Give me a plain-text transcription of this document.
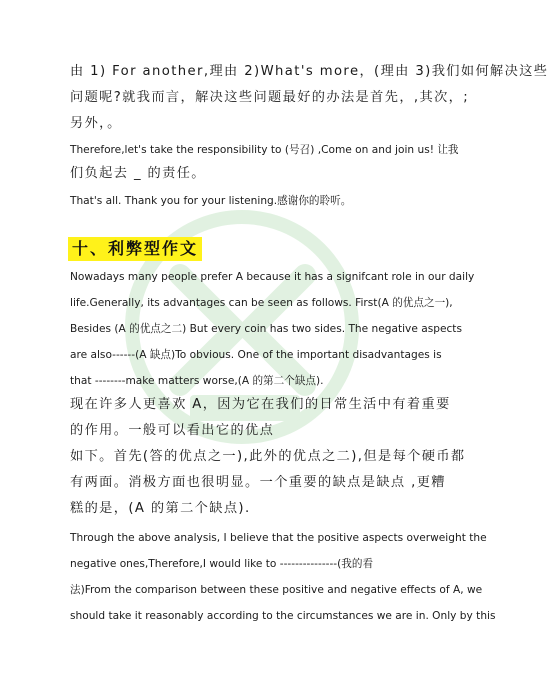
由 1) For another,理由 2)What's more，(理由 3)我们如何解决这些
问题呢?就我而言，解决这些问题最好的办法是首先，,其次，;
另外，。
Therefore,let's take the responsibility to (号召) ,Come on and join us! 让我
们负起去 _ 的责任。
That's all. Thank you for your listening.感谢你的聆听。
十、利弊型作文
Nowadays many people prefer A because it has a signifcant role in our daily
life.Generally, its advantages can be seen as follows. First(A 的优点之一),
Besides (A 的优点之二) But every coin has two sides. The negative aspects
are also------(A 缺点)To obvious. One of the important disadvantages is
that --------make matters worse,(A 的第二个缺点).
现在许多人更喜欢 A，因为它在我们的日常生活中有着重要
的作用。一般可以看出它的优点
如下。首先(答的优点之一),此外的优点之二),但是每个硬币都
有两面。消极方面也很明显。一个重要的缺点是缺点 ,更糟
糕的是，(A 的第二个缺点).
Through the above analysis, I believe that the positive aspects overweight the
negative ones,Therefore,I would like to ---------------(我的看
法)From the comparison between these positive and negative effects of A, we
should take it reasonably according to the circumstances we are in. Only by this
